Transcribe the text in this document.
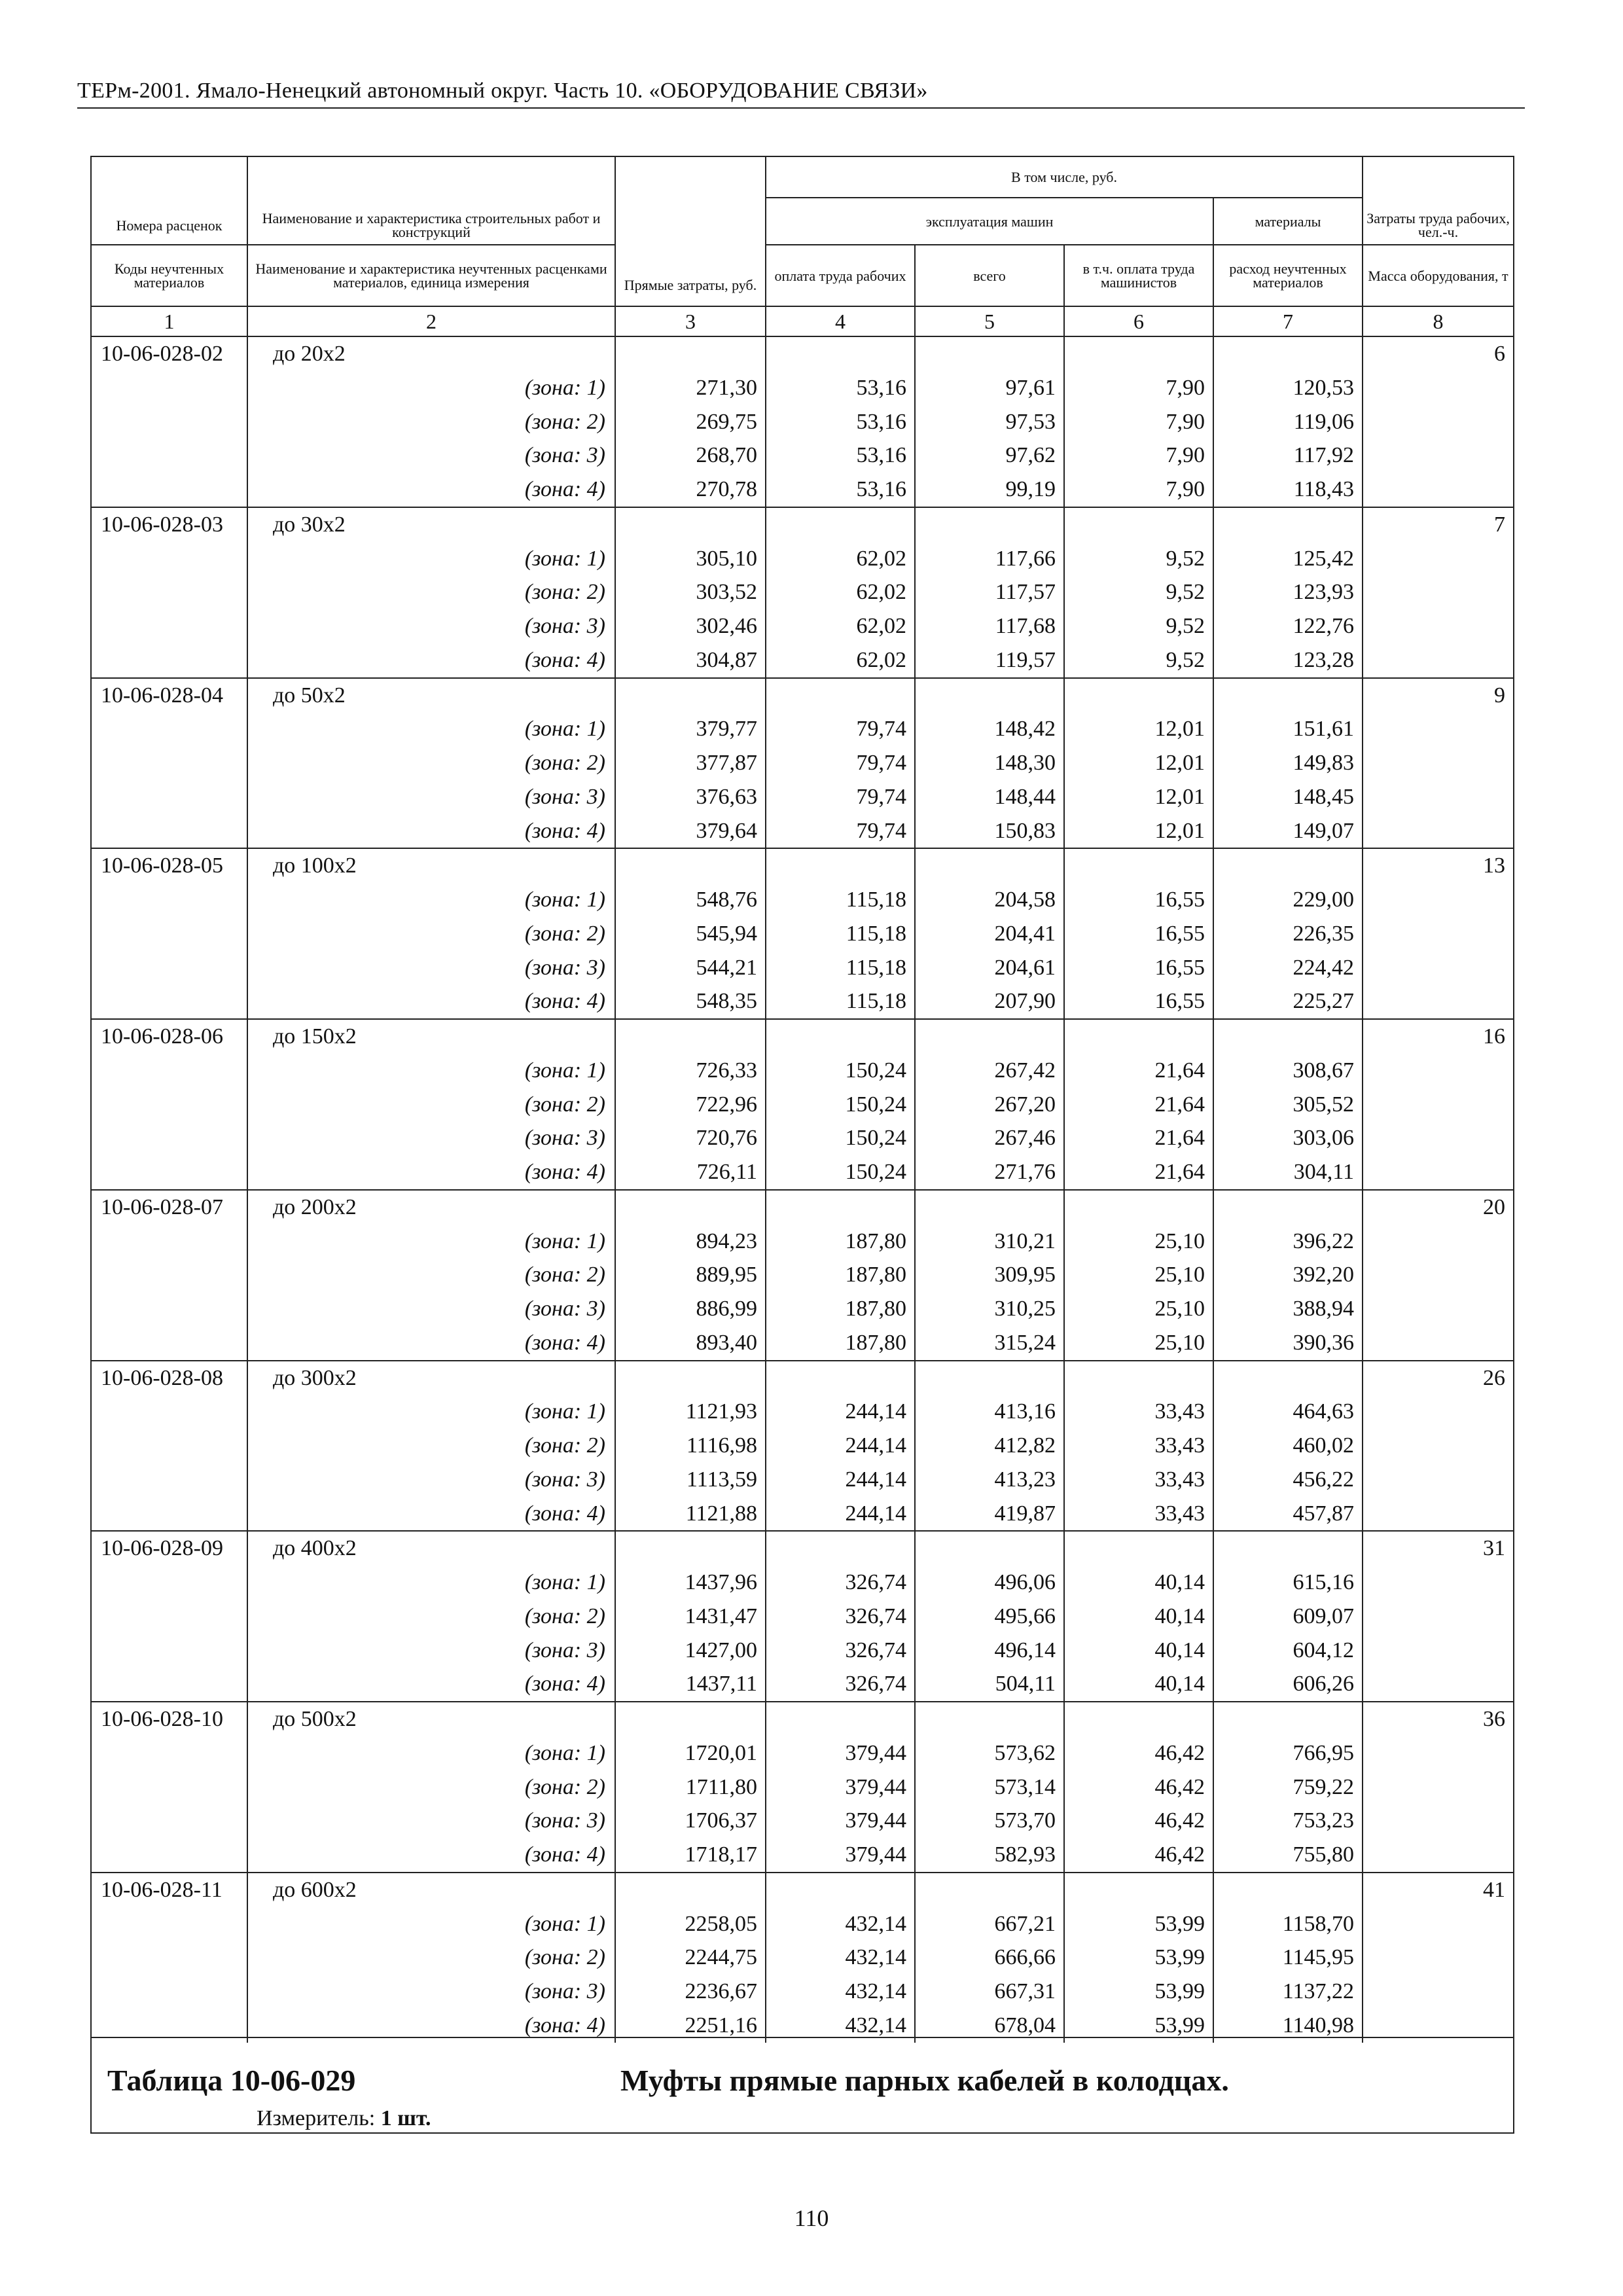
ТЕРм-2001. Ямало-Ненецкий автономный округ. Часть 10. «ОБОРУДОВАНИЕ СВЯЗИ»
Номера расценок	Наименование и характеристика строительных работ и конструкций		В том числе, руб.				Затраты труда рабочих, чел.-ч.
			эксплуатация машин			материалы	
Коды неучтенных материалов	Наименование и характеристика неучтенных расценками материалов, единица измерения	Прямые затраты, руб.	оплата труда рабочих	всего	в т.ч. оплата труда машинистов	расход неучтенных материалов	Масса оборудования, т
1	2	3	4	5	6	7	8
10-06-028-02	до 20х2						6
	(зона: 1)	271,30	53,16	97,61	7,90	120,53	
	(зона: 2)	269,75	53,16	97,53	7,90	119,06	
	(зона: 3)	268,70	53,16	97,62	7,90	117,92	
	(зона: 4)	270,78	53,16	99,19	7,90	118,43	
10-06-028-03	до 30х2						7
	(зона: 1)	305,10	62,02	117,66	9,52	125,42	
	(зона: 2)	303,52	62,02	117,57	9,52	123,93	
	(зона: 3)	302,46	62,02	117,68	9,52	122,76	
	(зона: 4)	304,87	62,02	119,57	9,52	123,28	
10-06-028-04	до 50х2						9
	(зона: 1)	379,77	79,74	148,42	12,01	151,61	
	(зона: 2)	377,87	79,74	148,30	12,01	149,83	
	(зона: 3)	376,63	79,74	148,44	12,01	148,45	
	(зона: 4)	379,64	79,74	150,83	12,01	149,07	
10-06-028-05	до 100х2						13
	(зона: 1)	548,76	115,18	204,58	16,55	229,00	
	(зона: 2)	545,94	115,18	204,41	16,55	226,35	
	(зона: 3)	544,21	115,18	204,61	16,55	224,42	
	(зона: 4)	548,35	115,18	207,90	16,55	225,27	
10-06-028-06	до 150х2						16
	(зона: 1)	726,33	150,24	267,42	21,64	308,67	
	(зона: 2)	722,96	150,24	267,20	21,64	305,52	
	(зона: 3)	720,76	150,24	267,46	21,64	303,06	
	(зона: 4)	726,11	150,24	271,76	21,64	304,11	
10-06-028-07	до 200х2						20
	(зона: 1)	894,23	187,80	310,21	25,10	396,22	
	(зона: 2)	889,95	187,80	309,95	25,10	392,20	
	(зона: 3)	886,99	187,80	310,25	25,10	388,94	
	(зона: 4)	893,40	187,80	315,24	25,10	390,36	
10-06-028-08	до 300х2						26
	(зона: 1)	1121,93	244,14	413,16	33,43	464,63	
	(зона: 2)	1116,98	244,14	412,82	33,43	460,02	
	(зона: 3)	1113,59	244,14	413,23	33,43	456,22	
	(зона: 4)	1121,88	244,14	419,87	33,43	457,87	
10-06-028-09	до 400х2						31
	(зона: 1)	1437,96	326,74	496,06	40,14	615,16	
	(зона: 2)	1431,47	326,74	495,66	40,14	609,07	
	(зона: 3)	1427,00	326,74	496,14	40,14	604,12	
	(зона: 4)	1437,11	326,74	504,11	40,14	606,26	
10-06-028-10	до 500х2						36
	(зона: 1)	1720,01	379,44	573,62	46,42	766,95	
	(зона: 2)	1711,80	379,44	573,14	46,42	759,22	
	(зона: 3)	1706,37	379,44	573,70	46,42	753,23	
	(зона: 4)	1718,17	379,44	582,93	46,42	755,80	
10-06-028-11	до 600х2						41
	(зона: 1)	2258,05	432,14	667,21	53,99	1158,70	
	(зона: 2)	2244,75	432,14	666,66	53,99	1145,95	
	(зона: 3)	2236,67	432,14	667,31	53,99	1137,22	
	(зона: 4)	2251,16	432,14	678,04	53,99	1140,98	
Таблица 10-06-029	Муфты прямые парных кабелей в колодцах.
Измеритель: 1 шт.
110
